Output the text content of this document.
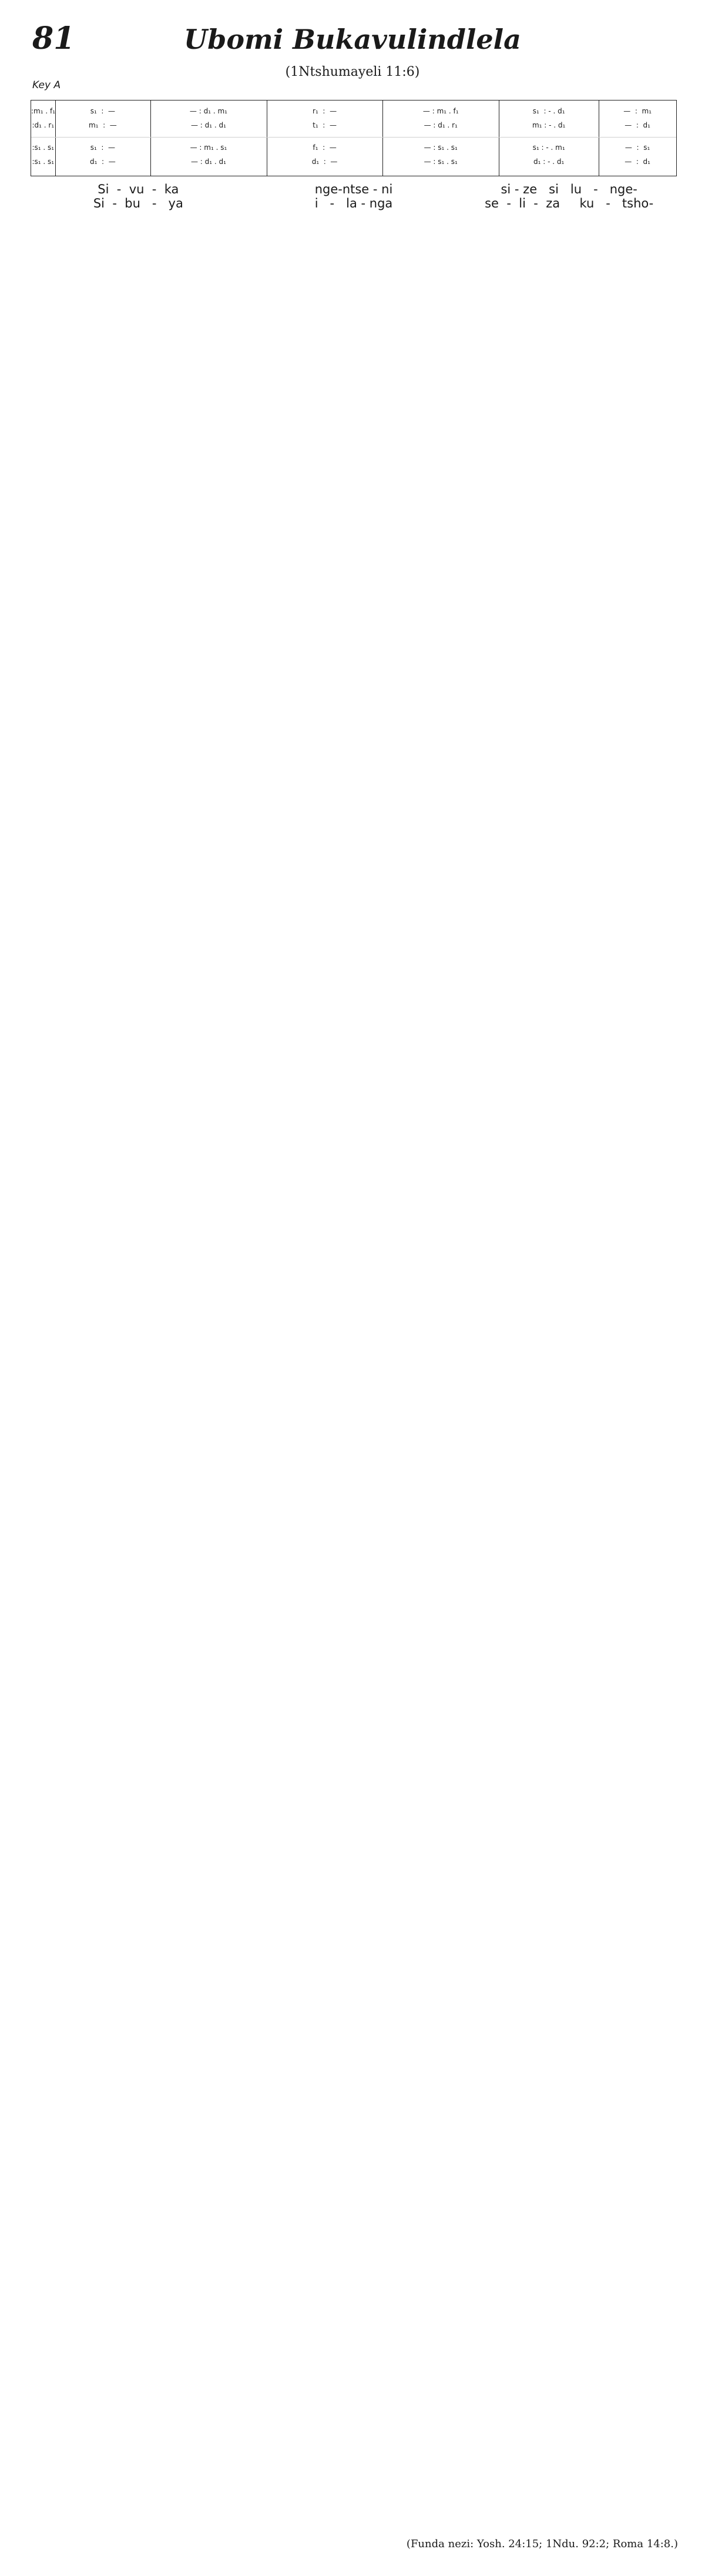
81	Ubomi Bukavulindlela
(1Ntshumayeli 11:6)
Key A
:m₁ . f₁	s₁  :  —	— : d₁ . m₁	r₁  :  —	— : m₁ . f₁	s₁  : - . d₁	—  :  m₁
:d₁ . r₁	m₁  :  —	— : d₁ . d₁	t₁  :  —	— : d₁ . r₁	m₁ : - . d₁	—  :  d₁
:s₁ . s₁	s₁  :  —	— : m₁ . s₁	f₁  :  —	— : s₁ . s₁	s₁ : - . m₁	—  :  s₁
:s₁ . s₁	d₁  :  —	— : d₁ . d₁	d₁  :  —	— : s₁ . s₁	d₁ : - . d₁	—  :  d₁
Si  -  vu  -  ka	nge-ntse - ni	si - ze   si   lu   -   nge-
Si  -  bu   -   ya	i   -   la - nga	se  -  li  -  za     ku   -   tsho-
(Funda nezi: Yosh. 24:15; 1Ndu. 92:2; Roma 14:8.)
